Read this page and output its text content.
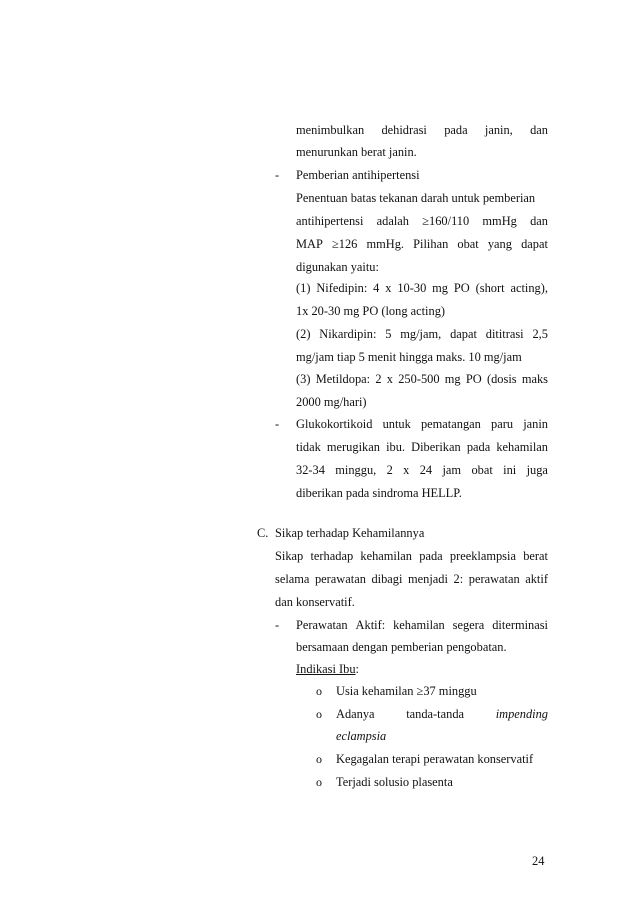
menimbulkan dehidrasi pada janin, dan
menurunkan berat janin.
- Pemberian antihipertensi
Penentuan batas tekanan darah untuk pemberian
antihipertensi adalah ≥160/110 mmHg dan
MAP ≥126 mmHg. Pilihan obat yang dapat
digunakan yaitu:
(1) Nifedipin: 4 x 10-30 mg PO (short acting),
1x 20-30 mg PO (long acting)
(2) Nikardipin: 5 mg/jam, dapat dititrasi 2,5
mg/jam tiap 5 menit hingga maks. 10 mg/jam
(3) Metildopa: 2 x 250-500 mg PO (dosis maks
2000 mg/hari)
- Glukokortikoid untuk pematangan paru janin
tidak merugikan ibu. Diberikan pada kehamilan
32-34 minggu, 2 x 24 jam obat ini juga
diberikan pada sindroma HELLP.
C. Sikap terhadap Kehamilannya
Sikap terhadap kehamilan pada preeklampsia berat
selama perawatan dibagi menjadi 2: perawatan aktif
dan konservatif.
- Perawatan Aktif: kehamilan segera diterminasi
bersamaan dengan pemberian pengobatan.
Indikasi Ibu:
o Usia kehamilan ≥37 minggu
o Adanya	tanda-tanda	impending
eclampsia
o Kegagalan terapi perawatan konservatif
o Terjadi solusio plasenta
24
